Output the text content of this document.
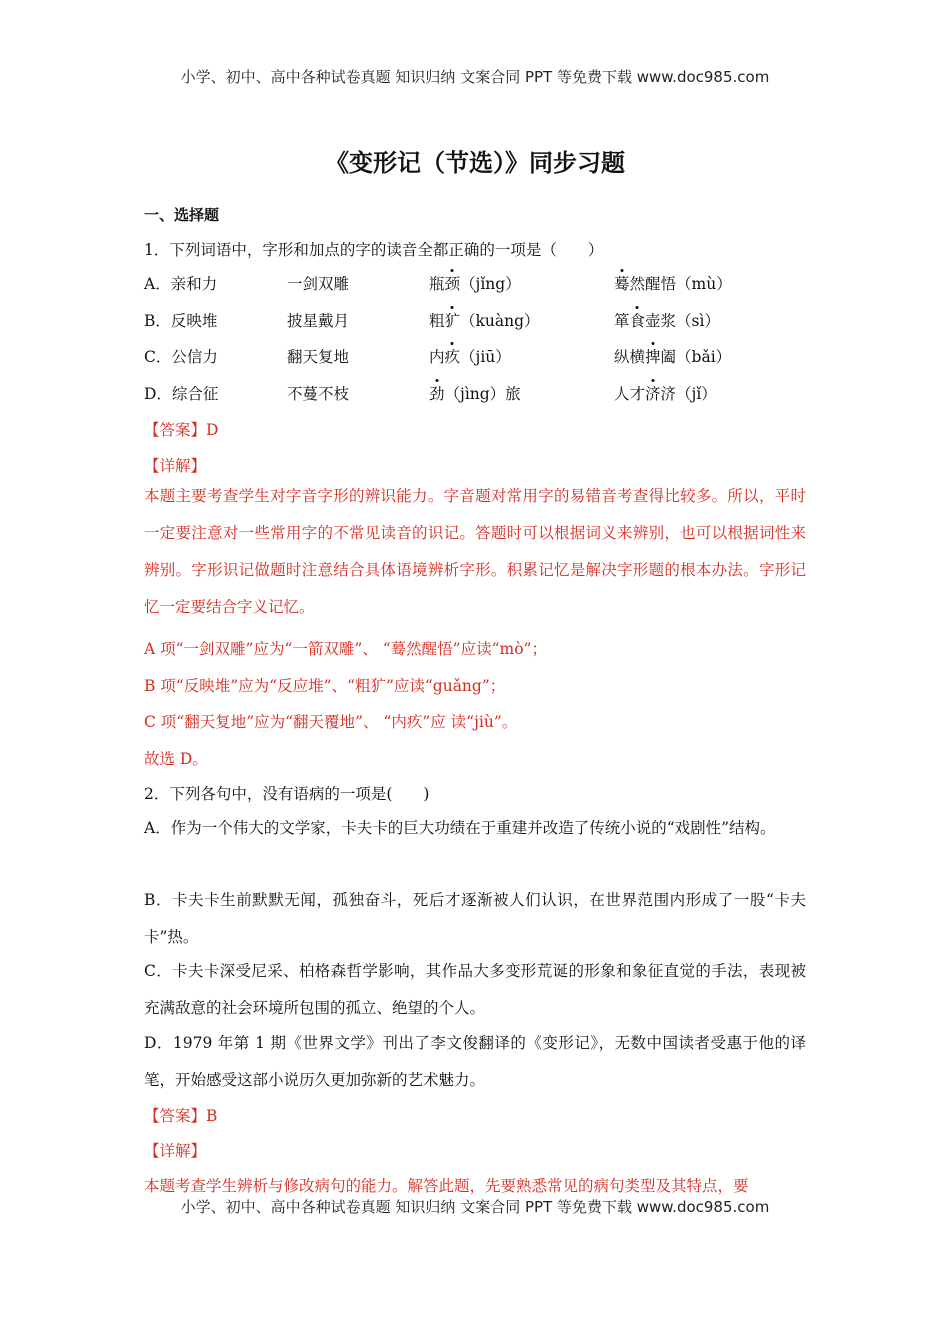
小学、初中、高中各种试卷真题 知识归纳 文案合同 PPT 等免费下载 www.doc985.com
《变形记（节选）》同步习题
一、选择题
1．下列词语中，字形和加点的字的读音全都正确的一项是（　　）
A．亲和力	一剑双雕	瓶颈（jǐng）	蓦然醒悟（mù）
B．反映堆	披星戴月	粗犷（kuàng）	箪食壶浆（sì）
C．公信力	翻天复地	内疚（jiū）	纵横捭阖（bǎi）
D．综合征	不蔓不枝	劲（jìng）旅	人才济济（jǐ）
【答案】D
【详解】
本题主要考查学生对字音字形的辨识能力。字音题对常用字的易错音考查得比较多。所以，平时一定要注意对一些常用字的不常见读音的识记。答题时可以根据词义来辨别，也可以根据词性来辨别。字形识记做题时注意结合具体语境辨析字形。积累记忆是解决字形题的根本办法。字形记忆一定要结合字义记忆。
A 项“一剑双雕”应为“一箭双雕”、 “蓦然醒悟”应读“mò”；
B 项“反映堆”应为“反应堆”、“粗犷”应读“guǎng”；
C 项“翻天复地”应为“翻天覆地”、 “内疚”应 读“jiù”。
故选 D。
2．下列各句中，没有语病的一项是(　　)
A．作为一个伟大的文学家，卡夫卡的巨大功绩在于重建并改造了传统小说的“戏剧性”结构。
B．卡夫卡生前默默无闻，孤独奋斗，死后才逐渐被人们认识，在世界范围内形成了一股“卡夫卡”热。
C．卡夫卡深受尼采、柏格森哲学影响，其作品大多变形荒诞的形象和象征直觉的手法，表现被充满敌意的社会环境所包围的孤立、绝望的个人。
D．1979 年第 1 期《世界文学》刊出了李文俊翻译的《变形记》，无数中国读者受惠于他的译笔，开始感受这部小说历久更加弥新的艺术魅力。
【答案】B
【详解】
本题考查学生辨析与修改病句的能力。解答此题，先要熟悉常见的病句类型及其特点，要
小学、初中、高中各种试卷真题 知识归纳 文案合同 PPT 等免费下载 www.doc985.com
